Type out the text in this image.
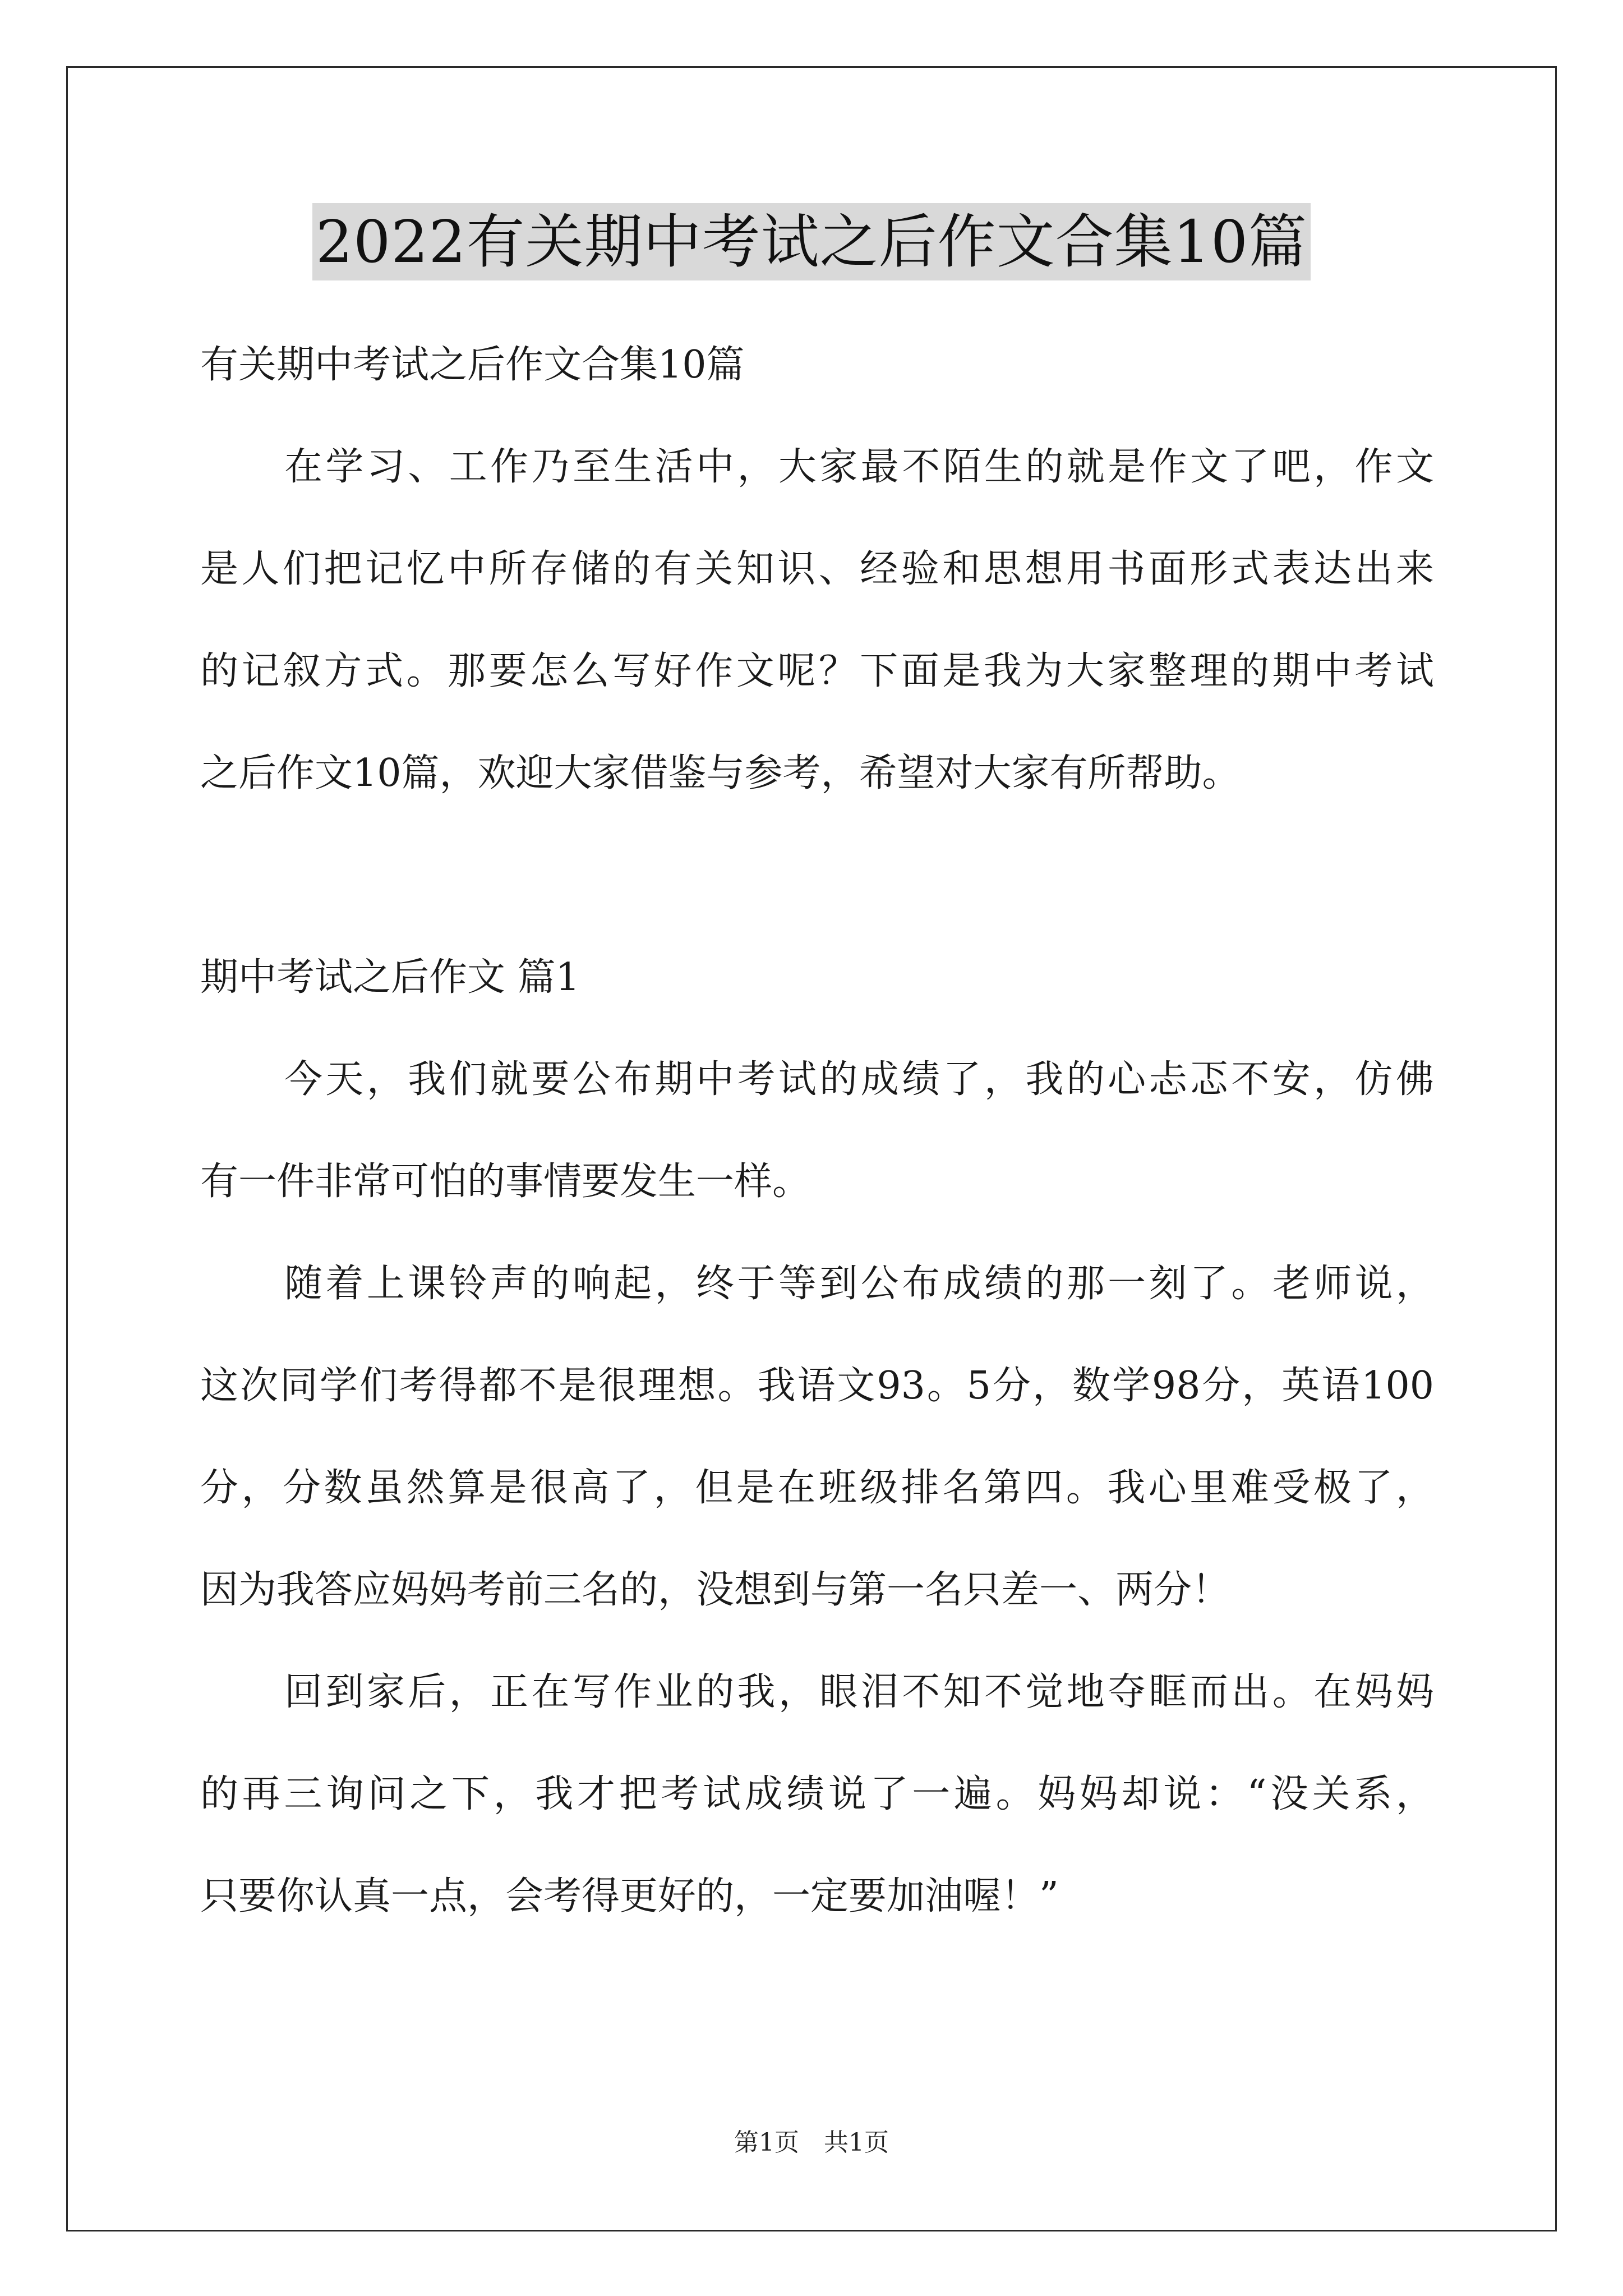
2022有关期中考试之后作文合集10篇
有关期中考试之后作文合集10篇
在学习、工作乃至生活中，大家最不陌生的就是作文了吧，作文
是人们把记忆中所存储的有关知识、经验和思想用书面形式表达出来
的记叙方式。那要怎么写好作文呢？下面是我为大家整理的期中考试
之后作文10篇，欢迎大家借鉴与参考，希望对大家有所帮助。
期中考试之后作文 篇1
今天，我们就要公布期中考试的成绩了，我的心忐忑不安，仿佛
有一件非常可怕的事情要发生一样。
随着上课铃声的响起，终于等到公布成绩的那一刻了。老师说，
这次同学们考得都不是很理想。我语文93。5分，数学98分，英语100
分，分数虽然算是很高了，但是在班级排名第四。我心里难受极了，
因为我答应妈妈考前三名的，没想到与第一名只差一、两分！
回到家后，正在写作业的我，眼泪不知不觉地夺眶而出。在妈妈
的再三询问之下，我才把考试成绩说了一遍。妈妈却说：“没关系，
只要你认真一点，会考得更好的，一定要加油喔！”
第1页 共1页
